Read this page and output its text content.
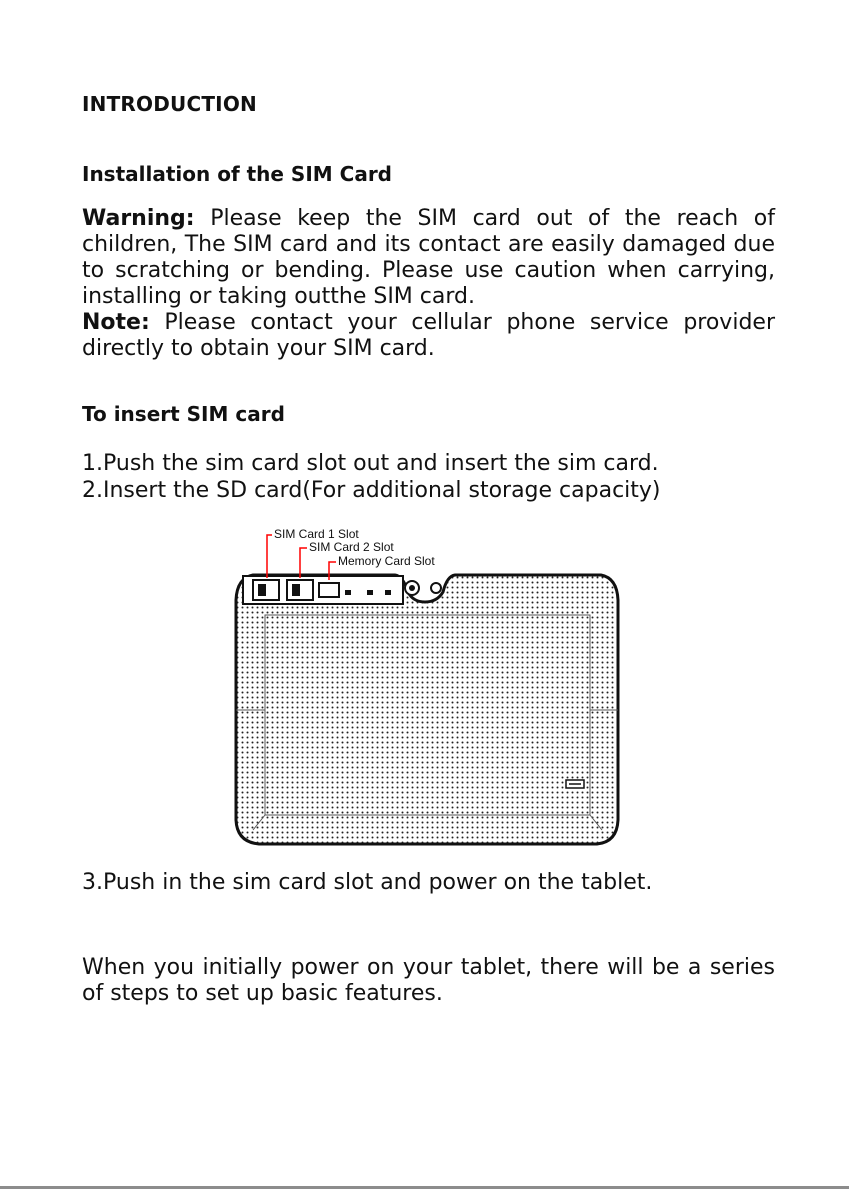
INTRODUCTION
Installation of the SIM Card

Warning: Please keep the SIM card out of the reach of children, The SIM card and its contact are easily damaged due to scratching or bending. Please use caution when carrying, installing or taking outthe SIM card.
Note: Please contact your cellular phone service provider directly to obtain your SIM card.

To insert SIM card
1.Push the sim card slot out and insert the sim card.
2.Insert the SD card(For additional storage capacity)
SIM Card 1 Slot
SIM Card 2 Slot
Memory Card Slot
3.Push in the sim card slot and power on the tablet.

When you initially power on your tablet, there will be a series of steps to set up basic features.
